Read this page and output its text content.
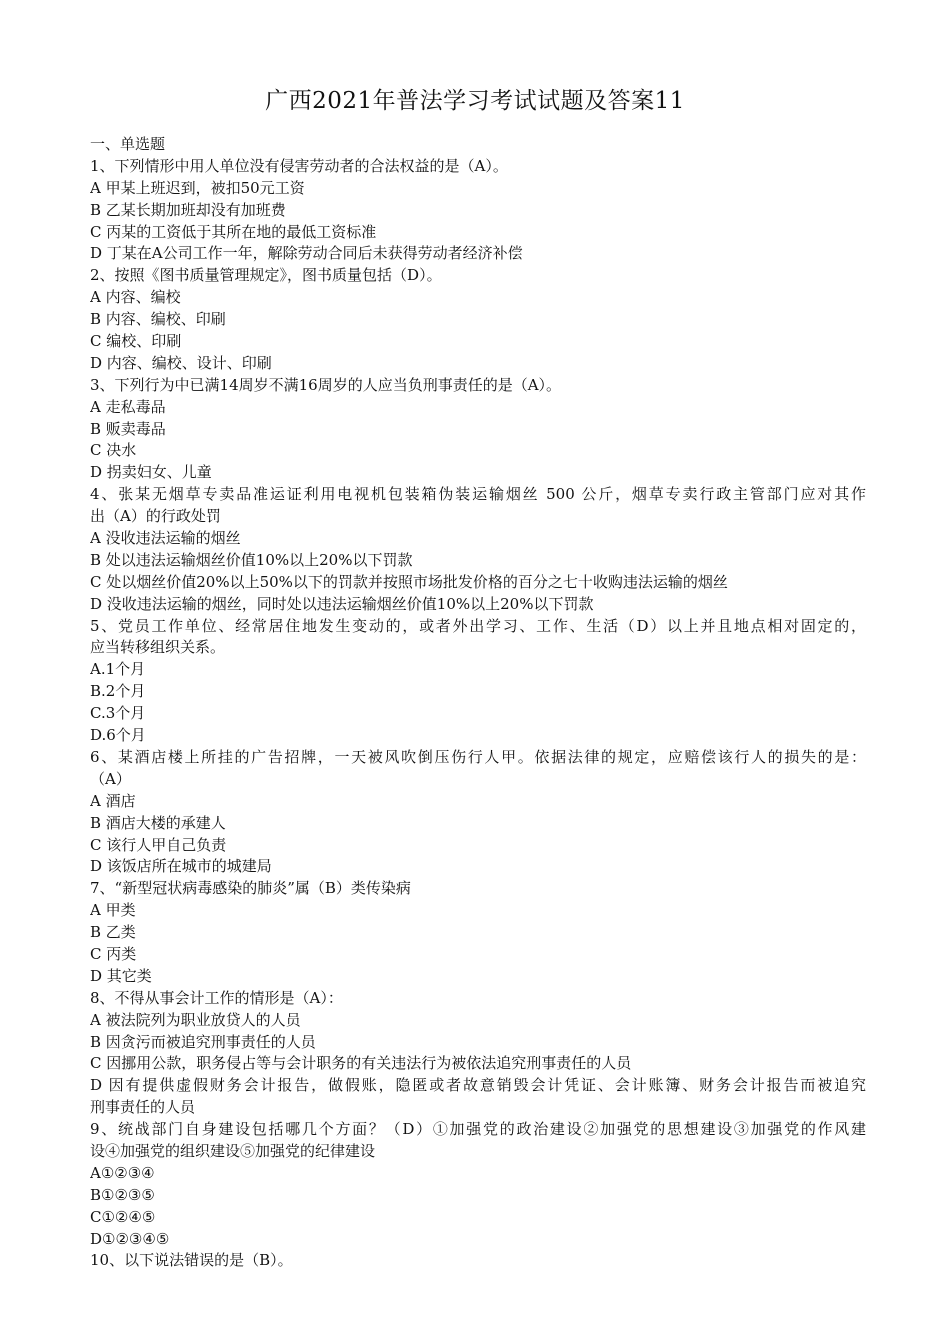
广西2021年普法学习考试试题及答案11
一、单选题
1、下列情形中用人单位没有侵害劳动者的合法权益的是（A）。
A 甲某上班迟到，被扣50元工资
B 乙某长期加班却没有加班费
C 丙某的工资低于其所在地的最低工资标准
D 丁某在A公司工作一年，解除劳动合同后未获得劳动者经济补偿
2、按照《图书质量管理规定》，图书质量包括（D）。
A 内容、编校
B 内容、编校、印刷
C 编校、印刷
D 内容、编校、设计、印刷
3、下列行为中已满14周岁不满16周岁的人应当负刑事责任的是（A）。
A 走私毒品
B 贩卖毒品
C 决水
D 拐卖妇女、儿童
4、张某无烟草专卖品准运证利用电视机包装箱伪装运输烟丝 500 公斤，烟草专卖行政主管部门应对其作
出（A）的行政处罚
A 没收违法运输的烟丝
B 处以违法运输烟丝价值10%以上20%以下罚款
C 处以烟丝价值20%以上50%以下的罚款并按照市场批发价格的百分之七十收购违法运输的烟丝
D 没收违法运输的烟丝，同时处以违法运输烟丝价值10%以上20%以下罚款
5、党员工作单位、经常居住地发生变动的，或者外出学习、工作、生活（D）以上并且地点相对固定的，
应当转移组织关系。
A.1个月
B.2个月
C.3个月
D.6个月
6、某酒店楼上所挂的广告招牌，一天被风吹倒压伤行人甲。依据法律的规定，应赔偿该行人的损失的是：
（A）
A 酒店
B 酒店大楼的承建人
C 该行人甲自己负责
D 该饭店所在城市的城建局
7、“新型冠状病毒感染的肺炎”属（B）类传染病
A 甲类
B 乙类
C 丙类
D 其它类
8、不得从事会计工作的情形是（A）：
A 被法院列为职业放贷人的人员
B 因贪污而被追究刑事责任的人员
C 因挪用公款，职务侵占等与会计职务的有关违法行为被依法追究刑事责任的人员
D 因有提供虚假财务会计报告，做假账，隐匿或者故意销毁会计凭证、会计账簿、财务会计报告而被追究
刑事责任的人员
9、统战部门自身建设包括哪几个方面？（D）①加强党的政治建设②加强党的思想建设③加强党的作风建
设④加强党的组织建设⑤加强党的纪律建设
A①②③④
B①②③⑤
C①②④⑤
D①②③④⑤
10、以下说法错误的是（B）。
